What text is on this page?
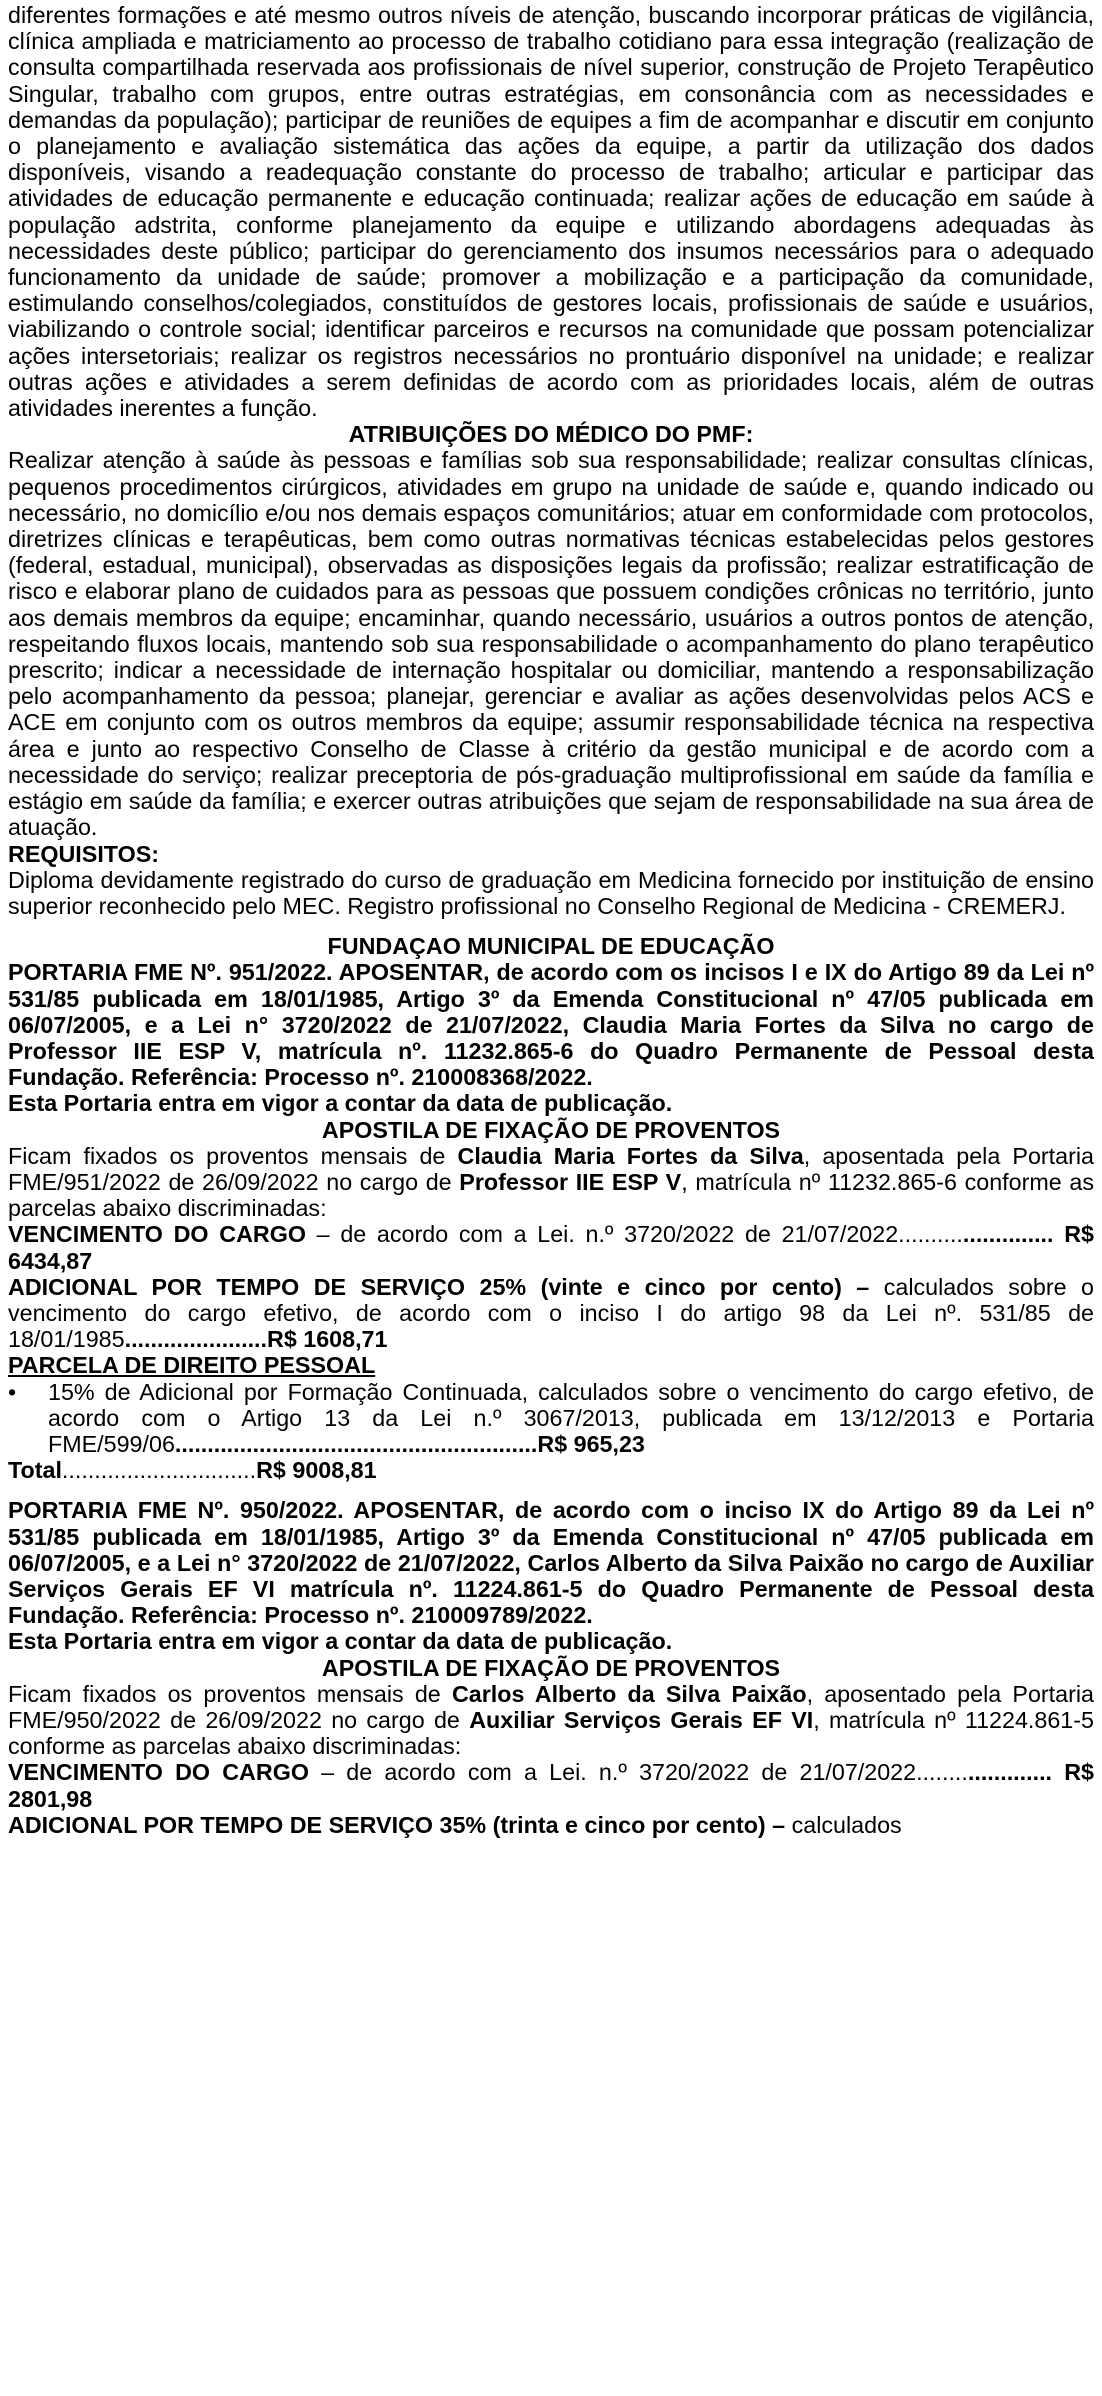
diferentes formações e até mesmo outros níveis de atenção, buscando incorporar práticas de vigilância, clínica ampliada e matriciamento ao processo de trabalho cotidiano para essa integração (realização de consulta compartilhada reservada aos profissionais de nível superior, construção de Projeto Terapêutico Singular, trabalho com grupos, entre outras estratégias, em consonância com as necessidades e demandas da população); participar de reuniões de equipes a fim de acompanhar e discutir em conjunto o planejamento e avaliação sistemática das ações da equipe, a partir da utilização dos dados disponíveis, visando a readequação constante do processo de trabalho; articular e participar das atividades de educação permanente e educação continuada; realizar ações de educação em saúde à população adstrita, conforme planejamento da equipe e utilizando abordagens adequadas às necessidades deste público; participar do gerenciamento dos insumos necessários para o adequado funcionamento da unidade de saúde; promover a mobilização e a participação da comunidade, estimulando conselhos/colegiados, constituídos de gestores locais, profissionais de saúde e usuários, viabilizando o controle social; identificar parceiros e recursos na comunidade que possam potencializar ações intersetoriais; realizar os registros necessários no prontuário disponível na unidade; e realizar outras ações e atividades a serem definidas de acordo com as prioridades locais, além de outras atividades inerentes a função.

ATRIBUIÇÕES DO MÉDICO DO PMF:

Realizar atenção à saúde às pessoas e famílias sob sua responsabilidade; realizar consultas clínicas, pequenos procedimentos cirúrgicos, atividades em grupo na unidade de saúde e, quando indicado ou necessário, no domicílio e/ou nos demais espaços comunitários; atuar em conformidade com protocolos, diretrizes clínicas e terapêuticas, bem como outras normativas técnicas estabelecidas pelos gestores (federal, estadual, municipal), observadas as disposições legais da profissão; realizar estratificação de risco e elaborar plano de cuidados para as pessoas que possuem condições crônicas no território, junto aos demais membros da equipe; encaminhar, quando necessário, usuários a outros pontos de atenção, respeitando fluxos locais, mantendo sob sua responsabilidade o acompanhamento do plano terapêutico prescrito; indicar a necessidade de internação hospitalar ou domiciliar, mantendo a responsabilização pelo acompanhamento da pessoa; planejar, gerenciar e avaliar as ações desenvolvidas pelos ACS e ACE em conjunto com os outros membros da equipe; assumir responsabilidade técnica na respectiva área e junto ao respectivo Conselho de Classe à critério da gestão municipal e de acordo com a necessidade do serviço; realizar preceptoria de pós-graduação multiprofissional em saúde da família e estágio em saúde da família; e exercer outras atribuições que sejam de responsabilidade na sua área de atuação.

REQUISITOS:

Diploma devidamente registrado do curso de graduação em Medicina fornecido por instituição de ensino superior reconhecido pelo MEC. Registro profissional no Conselho Regional de Medicina - CREMERJ.

FUNDAÇAO MUNICIPAL DE EDUCAÇÃO

PORTARIA FME Nº. 951/2022. APOSENTAR, de acordo com os incisos I e IX do Artigo 89 da Lei nº 531/85 publicada em 18/01/1985, Artigo 3º da Emenda Constitucional nº 47/05 publicada em 06/07/2005, e a Lei n° 3720/2022 de 21/07/2022, Claudia Maria Fortes da Silva no cargo de Professor IIE ESP V, matrícula nº. 11232.865-6 do Quadro Permanente de Pessoal desta Fundação. Referência: Processo nº. 210008368/2022.

Esta Portaria entra em vigor a contar da data de publicação.

APOSTILA DE FIXAÇÃO DE PROVENTOS

Ficam fixados os proventos mensais de Claudia Maria Fortes da Silva, aposentada pela Portaria FME/951/2022 de 26/09/2022 no cargo de Professor IIE ESP V, matrícula nº 11232.865-6 conforme as parcelas abaixo discriminadas:

VENCIMENTO DO CARGO – de acordo com a Lei. n.º 3720/2022 de 21/07/2022........................ R$ 6434,87

ADICIONAL POR TEMPO DE SERVIÇO 25% (vinte e cinco por cento) – calculados sobre o vencimento do cargo efetivo, de acordo com o inciso I do artigo 98 da Lei nº. 531/85 de 18/01/1985......................R$ 1608,71

PARCELA DE DIREITO PESSOAL

•	15% de Adicional por Formação Continuada, calculados sobre o vencimento do cargo efetivo, de acordo com o Artigo 13 da Lei n.º 3067/2013, publicada em 13/12/2013 e Portaria FME/599/06........................................................R$ 965,23

Total..............................R$ 9008,81

PORTARIA FME Nº. 950/2022. APOSENTAR, de acordo com o inciso IX do Artigo 89 da Lei nº 531/85 publicada em 18/01/1985, Artigo 3º da Emenda Constitucional nº 47/05 publicada em 06/07/2005, e a Lei n° 3720/2022 de 21/07/2022, Carlos Alberto da Silva Paixão no cargo de Auxiliar Serviços Gerais EF VI matrícula nº. 11224.861-5 do Quadro Permanente de Pessoal desta Fundação. Referência: Processo nº. 210009789/2022.

Esta Portaria entra em vigor a contar da data de publicação.

APOSTILA DE FIXAÇÃO DE PROVENTOS

Ficam fixados os proventos mensais de Carlos Alberto da Silva Paixão, aposentado pela Portaria FME/950/2022 de 26/09/2022 no cargo de Auxiliar Serviços Gerais EF VI, matrícula nº 11224.861-5 conforme as parcelas abaixo discriminadas:

VENCIMENTO DO CARGO – de acordo com a Lei. n.º 3720/2022 de 21/07/2022..................... R$ 2801,98

ADICIONAL POR TEMPO DE SERVIÇO 35% (trinta e cinco por cento) – calculados
